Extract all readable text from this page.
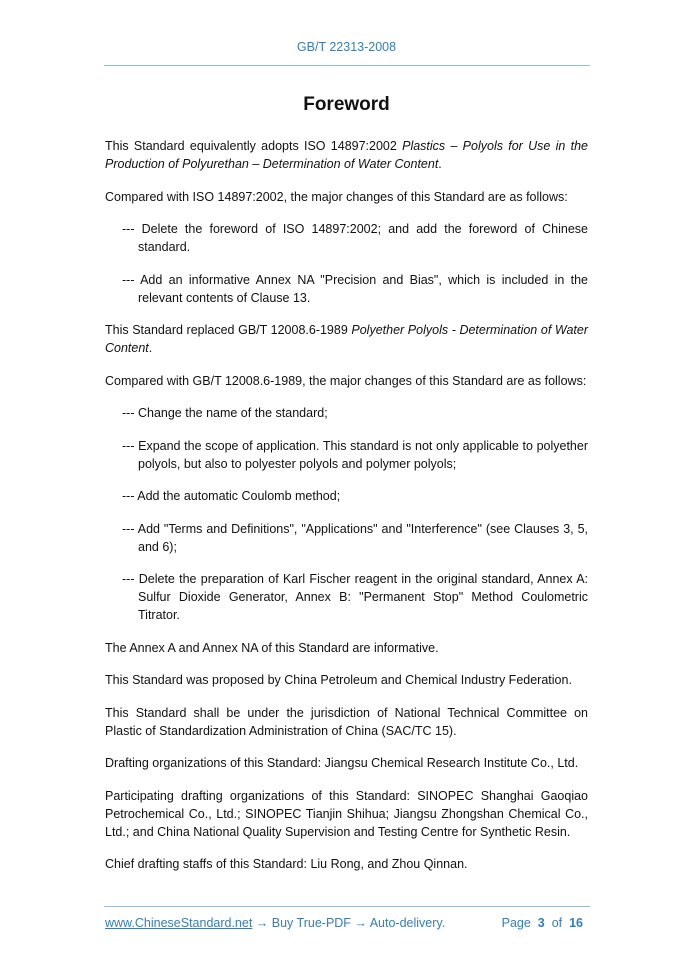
GB/T 22313-2008
Foreword

This Standard equivalently adopts ISO 14897:2002 Plastics – Polyols for Use in the Production of Polyurethan – Determination of Water Content.

Compared with ISO 14897:2002, the major changes of this Standard are as follows:

--- Delete the foreword of ISO 14897:2002; and add the foreword of Chinese standard.

--- Add an informative Annex NA "Precision and Bias", which is included in the relevant contents of Clause 13.

This Standard replaced GB/T 12008.6-1989 Polyether Polyols - Determination of Water Content.

Compared with GB/T 12008.6-1989, the major changes of this Standard are as follows:

--- Change the name of the standard;

--- Expand the scope of application. This standard is not only applicable to polyether polyols, but also to polyester polyols and polymer polyols;

--- Add the automatic Coulomb method;

--- Add "Terms and Definitions", "Applications" and "Interference" (see Clauses 3, 5, and 6);

--- Delete the preparation of Karl Fischer reagent in the original standard, Annex A: Sulfur Dioxide Generator, Annex B: "Permanent Stop" Method Coulometric Titrator.

The Annex A and Annex NA of this Standard are informative.

This Standard was proposed by China Petroleum and Chemical Industry Federation.

This Standard shall be under the jurisdiction of National Technical Committee on Plastic of Standardization Administration of China (SAC/TC 15).

Drafting organizations of this Standard: Jiangsu Chemical Research Institute Co., Ltd.

Participating drafting organizations of this Standard: SINOPEC Shanghai Gaoqiao Petrochemical Co., Ltd.; SINOPEC Tianjin Shihua; Jiangsu Zhongshan Chemical Co., Ltd.; and China National Quality Supervision and Testing Centre for Synthetic Resin.

Chief drafting staffs of this Standard: Liu Rong, and Zhou Qinnan.

www.ChineseStandard.net → Buy True-PDF → Auto-delivery.	Page 3 of 16
